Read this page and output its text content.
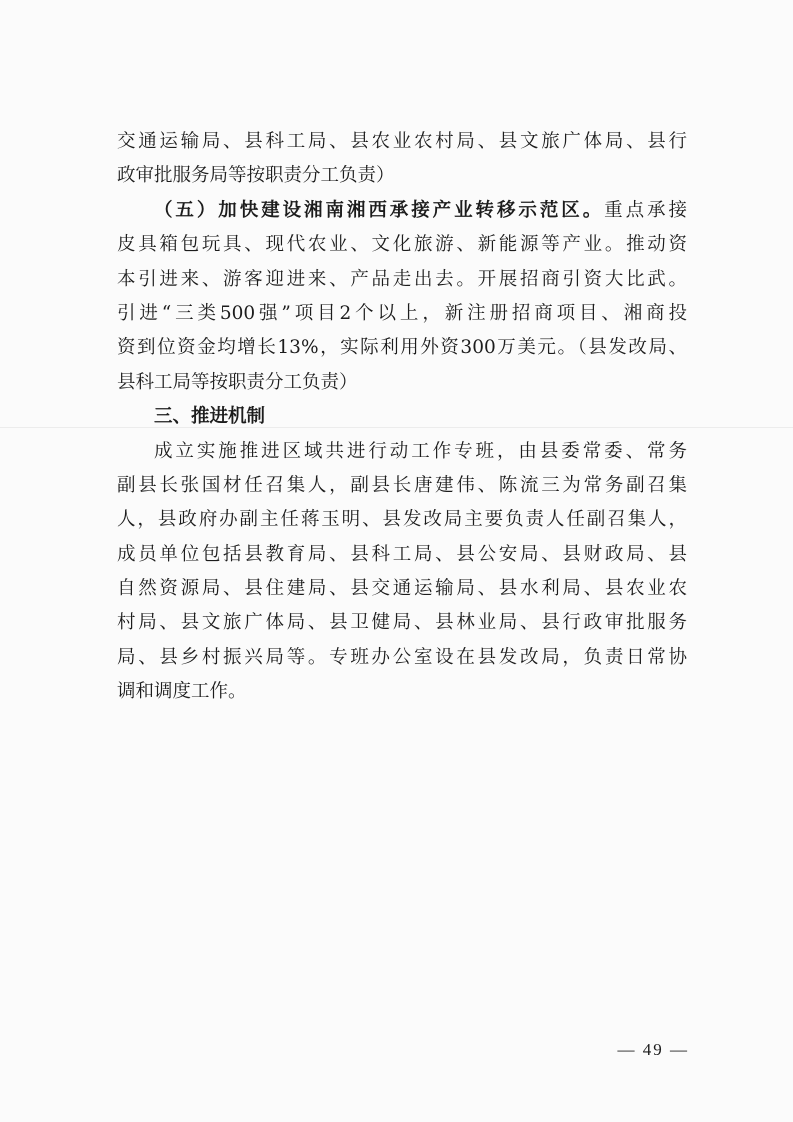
交通运输局、县科工局、县农业农村局、县文旅广体局、县行
政审批服务局等按职责分工负责）
（五）加快建设湘南湘西承接产业转移示范区。重点承接
皮具箱包玩具、现代农业、文化旅游、新能源等产业。推动资
本引进来、游客迎进来、产品走出去。开展招商引资大比武。
引进“三类500强”项目2个以上，新注册招商项目、湘商投
资到位资金均增长13%，实际利用外资300万美元。（县发改局、
县科工局等按职责分工负责）
三、推进机制
成立实施推进区域共进行动工作专班，由县委常委、常务
副县长张国材任召集人，副县长唐建伟、陈流三为常务副召集
人，县政府办副主任蒋玉明、县发改局主要负责人任副召集人，
成员单位包括县教育局、县科工局、县公安局、县财政局、县
自然资源局、县住建局、县交通运输局、县水利局、县农业农
村局、县文旅广体局、县卫健局、县林业局、县行政审批服务
局、县乡村振兴局等。专班办公室设在县发改局，负责日常协
调和调度工作。
— 49 —
